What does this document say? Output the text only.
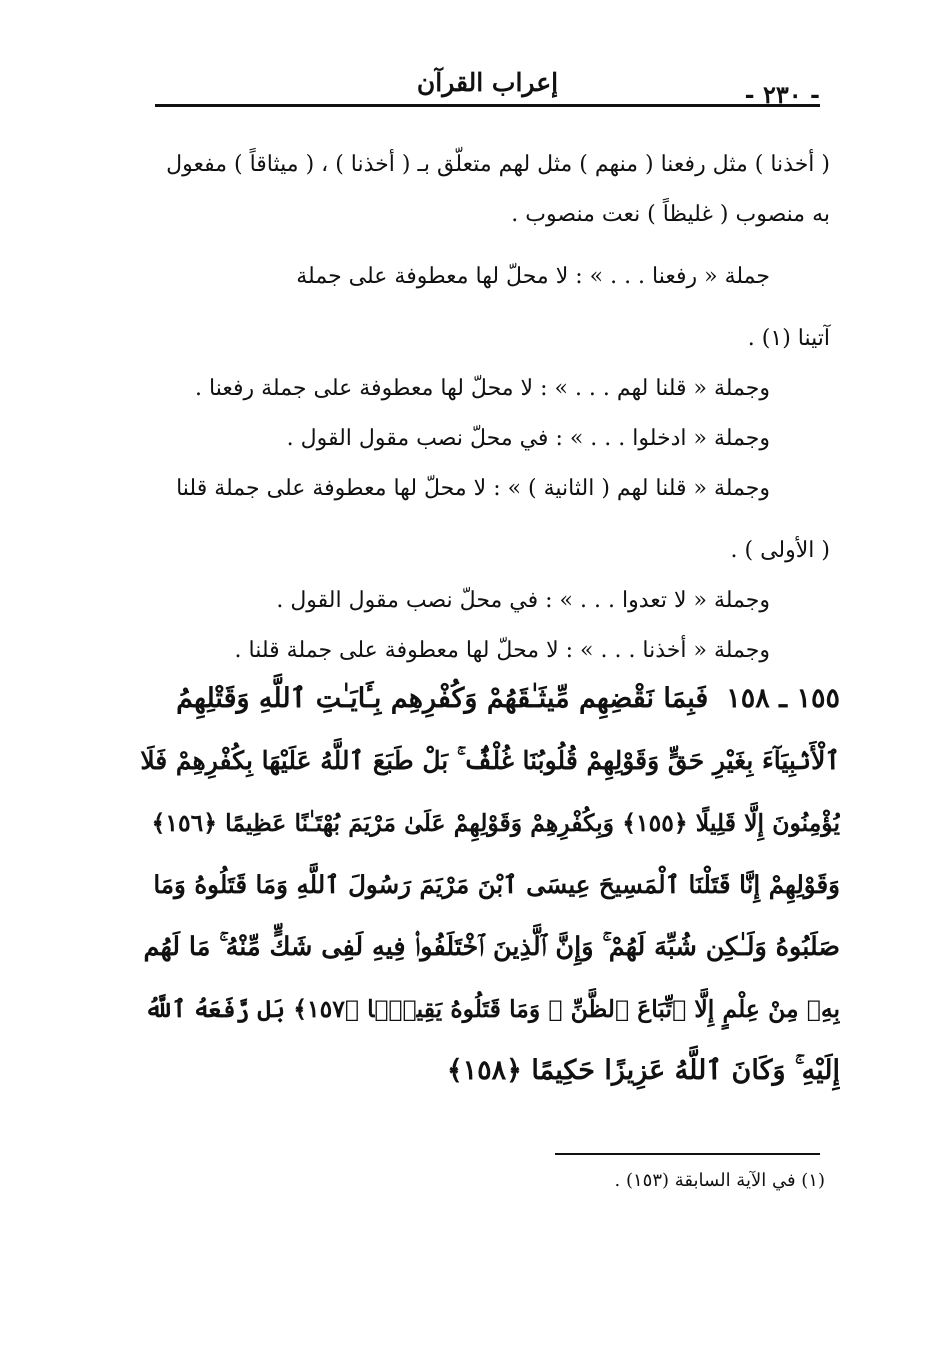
- ٢٣٠ -
إعراب القرآن
( أخذنا ) مثل رفعنا ( منهم ) مثل لهم متعلّق بـ ( أخذنا ) ، ( ميثاقاً ) مفعول
به منصوب ( غليظاً ) نعت منصوب .
جملة « رفعنا . . . » : لا محلّ لها معطوفة على جملة
آتينا (١) .
وجملة « قلنا لهم . . . » : لا محلّ لها معطوفة على جملة رفعنا .
وجملة « ادخلوا . . . » : في محلّ نصب مقول القول .
وجملة « قلنا لهم ( الثانية ) » : لا محلّ لها معطوفة على جملة قلنا
( الأولى ) .
وجملة « لا تعدوا . . . » : في محلّ نصب مقول القول .
وجملة « أخذنا . . . » : لا محلّ لها معطوفة على جملة قلنا .
١٥٥ ـ ١٥٨فَبِمَا نَقْضِهِم مِّيثَـٰقَهُمْ وَكُفْرِهِم بِـَٔايَـٰتِ ٱللَّهِ وَقَتْلِهِمُ
ٱلْأَنۢبِيَآءَ بِغَيْرِ حَقٍّ وَقَوْلِهِمْ قُلُوبُنَا غُلْفٌۢ ۚ بَلْ طَبَعَ ٱللَّهُ عَلَيْهَا بِكُفْرِهِمْ فَلَا
يُؤْمِنُونَ إِلَّا قَلِيلًا ﴿١٥٥﴾ وَبِكُفْرِهِمْ وَقَوْلِهِمْ عَلَىٰ مَرْيَمَ بُهْتَـٰنًا عَظِيمًا ﴿١٥٦﴾
وَقَوْلِهِمْ إِنَّا قَتَلْنَا ٱلْمَسِيحَ عِيسَى ٱبْنَ مَرْيَمَ رَسُولَ ٱللَّهِ وَمَا قَتَلُوهُ وَمَا
صَلَبُوهُ وَلَـٰكِن شُبِّهَ لَهُمْ ۚ وَإِنَّ ٱلَّذِينَ ٱخْتَلَفُوا۟ فِيهِ لَفِى شَكٍّ مِّنْهُ ۚ مَا لَهُم
بِهِۦ مِنْ عِلْمٍ إِلَّا ٱتِّبَاعَ ٱلظَّنِّ ۚ وَمَا قَتَلُوهُ يَقِينًۢا ﴿١٥٧﴾ بَل رَّفَعَهُ ٱللَّهُ
إِلَيْهِ ۚ وَكَانَ ٱللَّهُ عَزِيزًا حَكِيمًا ﴿١٥٨﴾
(١) في الآية السابقة (١٥٣) .
